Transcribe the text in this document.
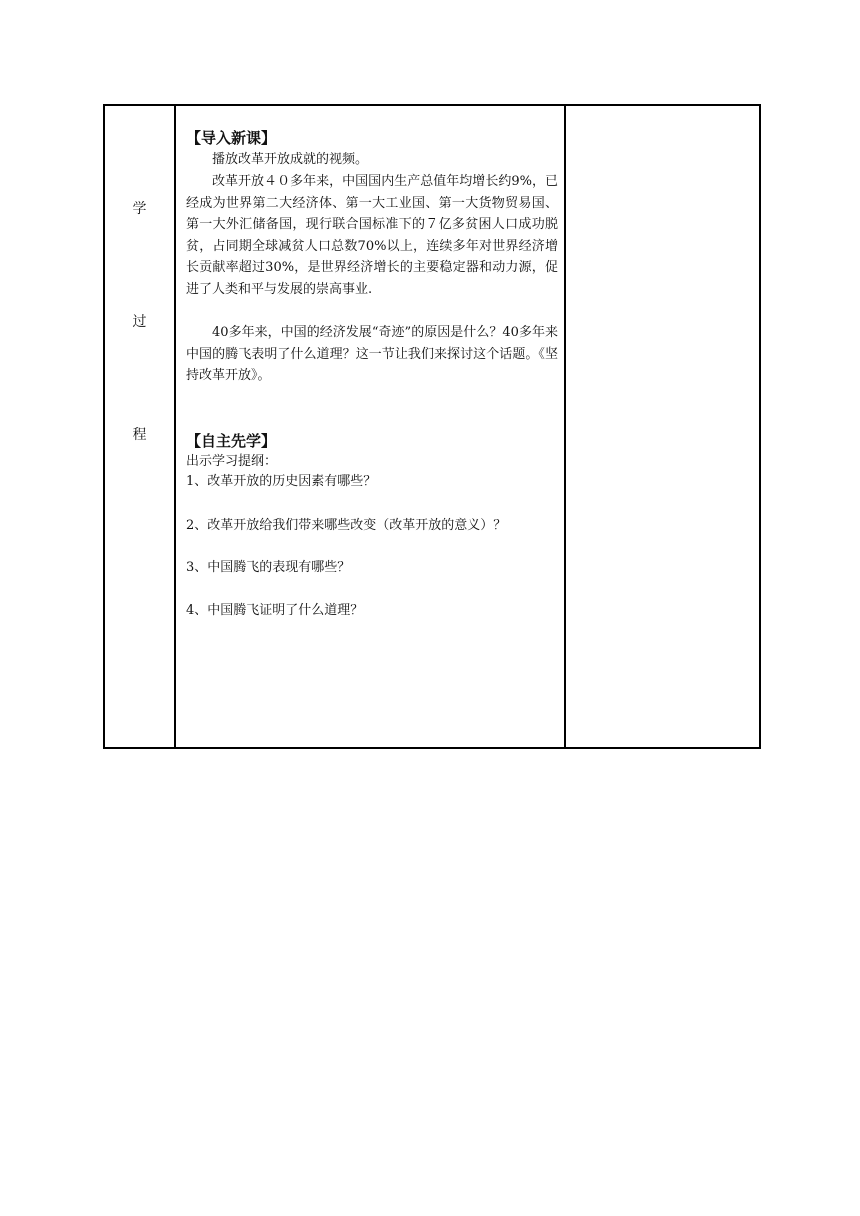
学
过
程

【导入新课】

播放改革开放成就的视频。

改革开放４０多年来，中国国内生产总值年均增长约9%，已经成为世界第二大经济体、第一大工业国、第一大货物贸易国、第一大外汇储备国，现行联合国标准下的７亿多贫困人口成功脱贫，占同期全球减贫人口总数70%以上，连续多年对世界经济增长贡献率超过30%，是世界经济增长的主要稳定器和动力源，促进了人类和平与发展的崇高事业.

40多年来，中国的经济发展“奇迹”的原因是什么？40多年来中国的腾飞表明了什么道理？这一节让我们来探讨这个话题。《坚持改革开放》。

【自主先学】
出示学习提纲：
1、改革开放的历史因素有哪些？
2、改革开放给我们带来哪些改变（改革开放的意义）？
3、中国腾飞的表现有哪些？
4、中国腾飞证明了什么道理？
